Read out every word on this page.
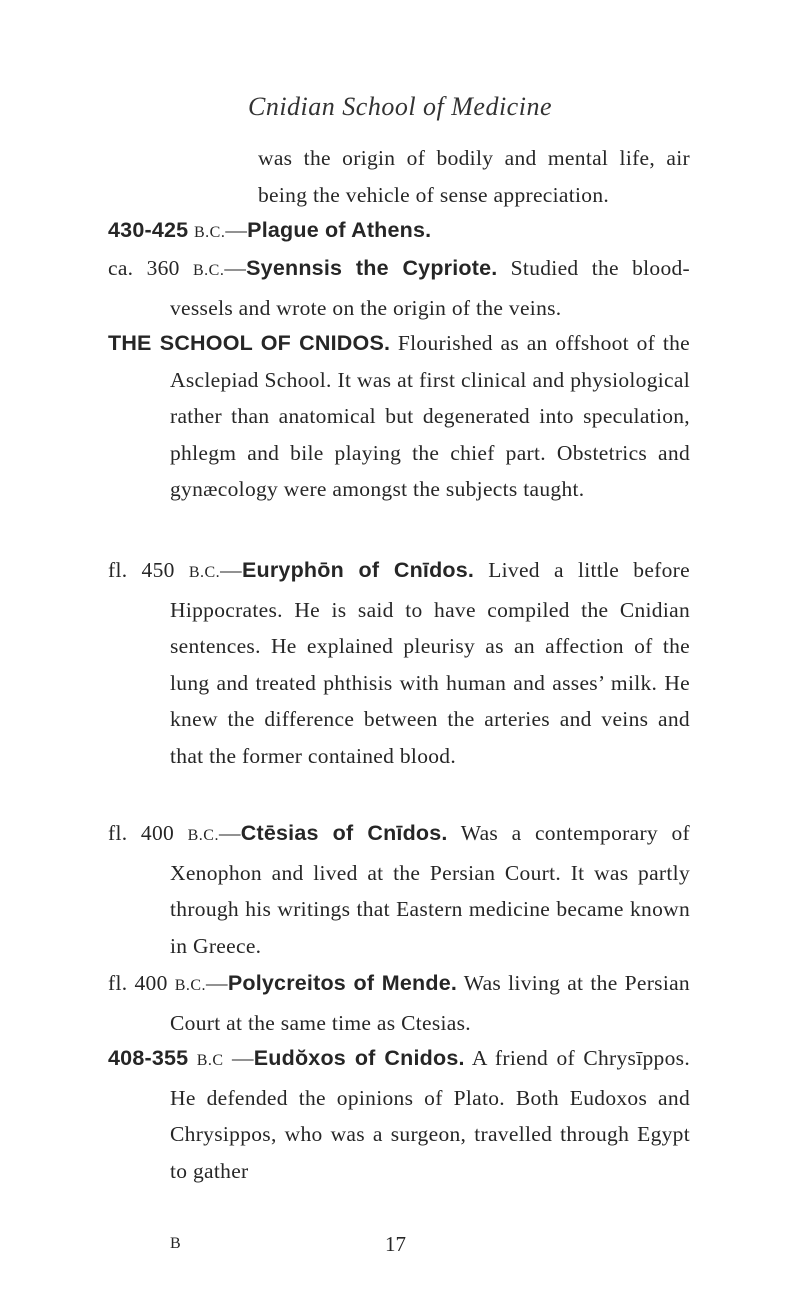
Cnidian School of Medicine
was the origin of bodily and mental life, air being the vehicle of sense appreciation.
430-425 B.C.—Plague of Athens.
ca. 360 B.C.—Syennsis the Cypriote. Studied the blood-vessels and wrote on the origin of the veins.
THE SCHOOL OF CNIDOS. Flourished as an offshoot of the Asclepiad School. It was at first clinical and physiological rather than anatomical but degenerated into speculation, phlegm and bile playing the chief part. Obstetrics and gynæcology were amongst the subjects taught.
fl. 450 B.C.—Euryphōn of Cnīdos. Lived a little before Hippocrates. He is said to have compiled the Cnidian sentences. He explained pleurisy as an affection of the lung and treated phthisis with human and asses’ milk. He knew the difference between the arteries and veins and that the former contained blood.
fl. 400 B.C.—Ctēsias of Cnīdos. Was a contemporary of Xenophon and lived at the Persian Court. It was partly through his writings that Eastern medicine became known in Greece.
fl. 400 B.C.—Polycreitos of Mende. Was living at the Persian Court at the same time as Ctesias.
408-355 B.C —Eudŏxos of Cnidos. A friend of Chrysīppos. He defended the opinions of Plato. Both Eudoxos and Chrysippos, who was a surgeon, travelled through Egypt to gather
B	17
